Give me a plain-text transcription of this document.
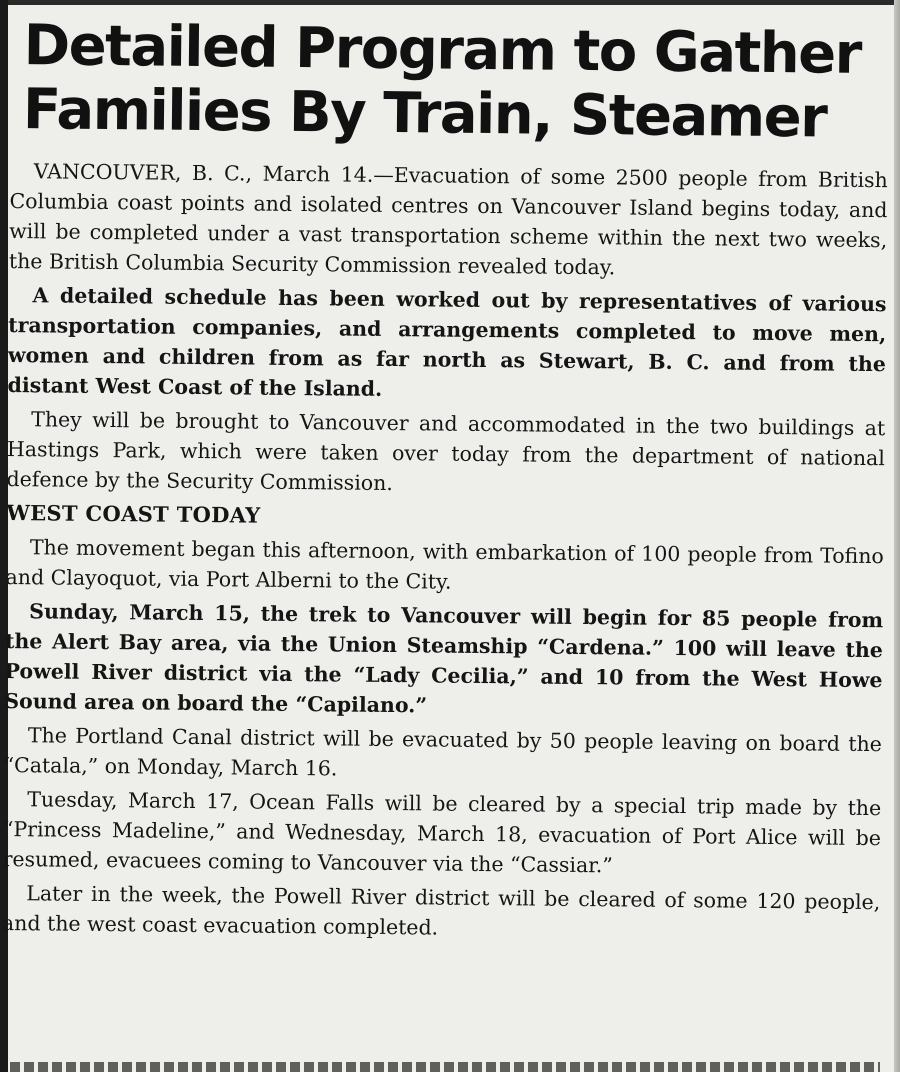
Detailed Program to Gather
Families By Train, Steamer

VANCOUVER, B. C., March 14.—Evacuation of some 2500 people from British Columbia coast points and isolated centres on Vancouver Island begins today, and will be completed under a vast transportation scheme within the next two weeks, the British Columbia Security Commission revealed today.

A detailed schedule has been worked out by representatives of various transportation companies, and arrangements completed to move men, women and children from as far north as Stewart, B. C. and from the distant West Coast of the Island.

They will be brought to Vancouver and accommodated in the two buildings at Hastings Park, which were taken over today from the department of national defence by the Security Commission.

WEST COAST TODAY

The movement began this afternoon, with embarkation of 100 people from Tofino and Clayoquot, via Port Alberni to the City.

Sunday, March 15, the trek to Vancouver will begin for 85 people from the Alert Bay area, via the Union Steamship “Cardena.” 100 will leave the Powell River district via the “Lady Cecilia,” and 10 from the West Howe Sound area on board the “Capilano.”

The Portland Canal district will be evacuated by 50 people leaving on board the “Catala,” on Monday, March 16.

Tuesday, March 17, Ocean Falls will be cleared by a special trip made by the “Princess Madeline,” and Wednesday, March 18, evacuation of Port Alice will be resumed, evacuees coming to Vancouver via the “Cassiar.”

Later in the week, the Powell River district will be cleared of some 120 people, and the west coast evacuation completed.
